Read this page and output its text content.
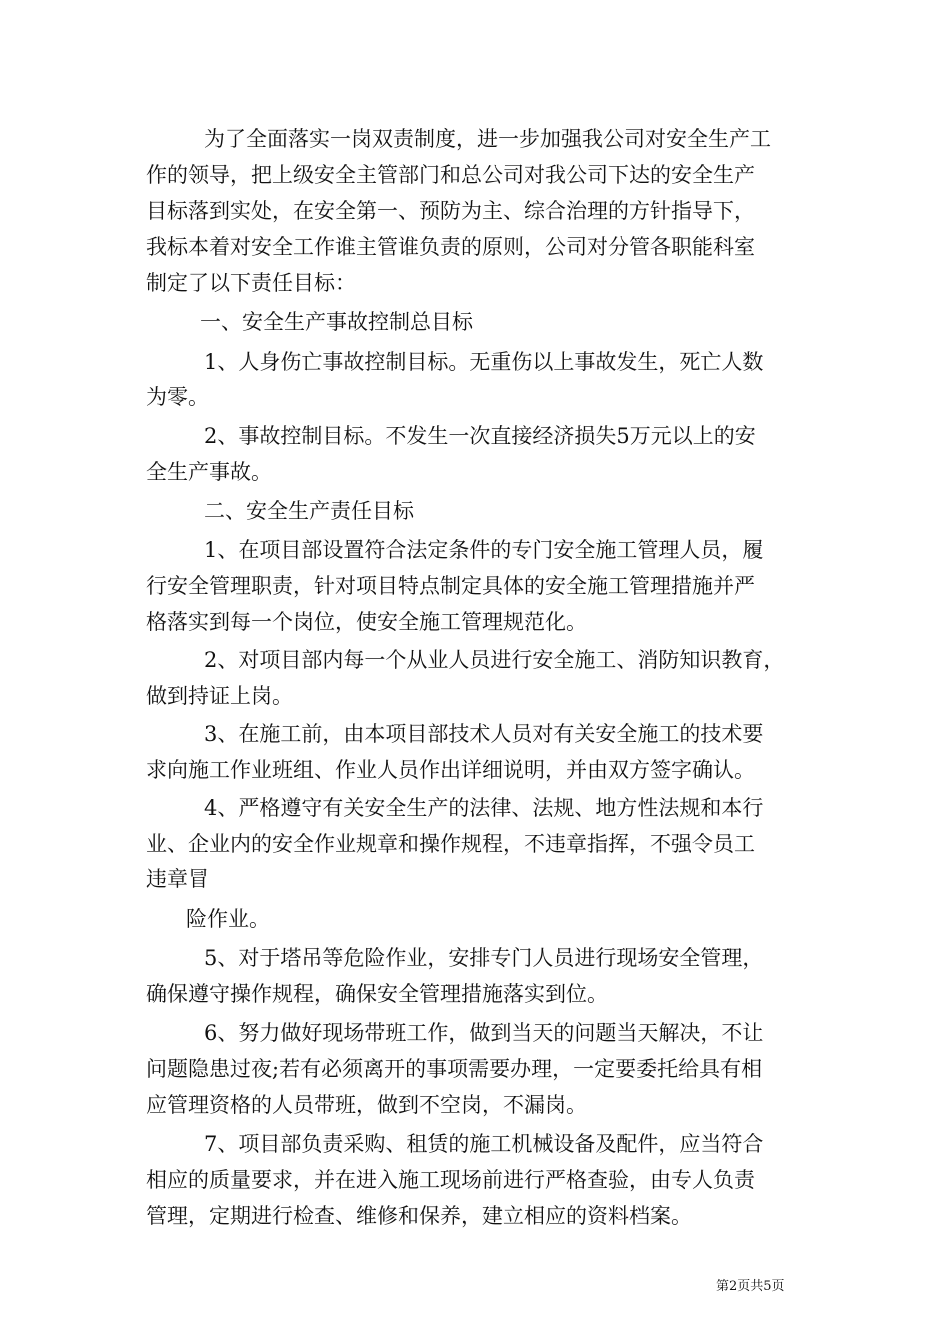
为了全面落实一岗双责制度，进一步加强我公司对安全生产工
作的领导，把上级安全主管部门和总公司对我公司下达的安全生产
目标落到实处，在安全第一、预防为主、综合治理的方针指导下，
我标本着对安全工作谁主管谁负责的原则，公司对分管各职能科室
制定了以下责任目标：
一、安全生产事故控制总目标
1、人身伤亡事故控制目标。无重伤以上事故发生，死亡人数
为零。
2、事故控制目标。不发生一次直接经济损失5万元以上的安
全生产事故。
二、安全生产责任目标
1、在项目部设置符合法定条件的专门安全施工管理人员，履
行安全管理职责，针对项目特点制定具体的安全施工管理措施并严
格落实到每一个岗位，使安全施工管理规范化。
2、对项目部内每一个从业人员进行安全施工、消防知识教育，
做到持证上岗。
3、在施工前，由本项目部技术人员对有关安全施工的技术要
求向施工作业班组、作业人员作出详细说明，并由双方签字确认。
4、严格遵守有关安全生产的法律、法规、地方性法规和本行
业、企业内的安全作业规章和操作规程，不违章指挥，不强令员工
违章冒
险作业。
5、对于塔吊等危险作业，安排专门人员进行现场安全管理，
确保遵守操作规程，确保安全管理措施落实到位。
6、努力做好现场带班工作，做到当天的问题当天解决，不让
问题隐患过夜;若有必须离开的事项需要办理，一定要委托给具有相
应管理资格的人员带班，做到不空岗，不漏岗。
7、项目部负责采购、租赁的施工机械设备及配件，应当符合
相应的质量要求，并在进入施工现场前进行严格查验，由专人负责
管理，定期进行检查、维修和保养，建立相应的资料档案。
第2页共5页
